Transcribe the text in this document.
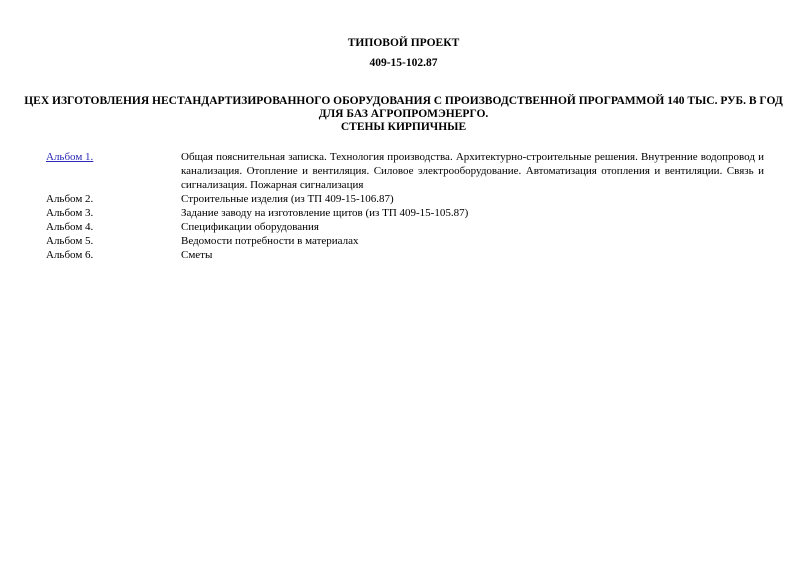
ТИПОВОЙ ПРОЕКТ
409-15-102.87
ЦЕХ ИЗГОТОВЛЕНИЯ НЕСТАНДАРТИЗИРОВАННОГО ОБОРУДОВАНИЯ С ПРОИЗВОДСТВЕННОЙ ПРОГРАММОЙ 140 ТЫС. РУБ. В ГОД
ДЛЯ БАЗ АГРОПРОМЭНЕРГО.
СТЕНЫ КИРПИЧНЫЕ
Альбом 1.	Общая пояснительная записка. Технология производства. Архитектурно-строительные решения. Внутренние водопровод и канализация. Отопление и вентиляция. Силовое электрооборудование. Автоматизация отопления и вентиляции. Связь и сигнализация. Пожарная сигнализация
Альбом 2.	Строительные изделия (из ТП 409-15-106.87)
Альбом 3.	Задание заводу на изготовление щитов (из ТП 409-15-105.87)
Альбом 4.	Спецификации оборудования
Альбом 5.	Ведомости потребности в материалах
Альбом 6.	Сметы
